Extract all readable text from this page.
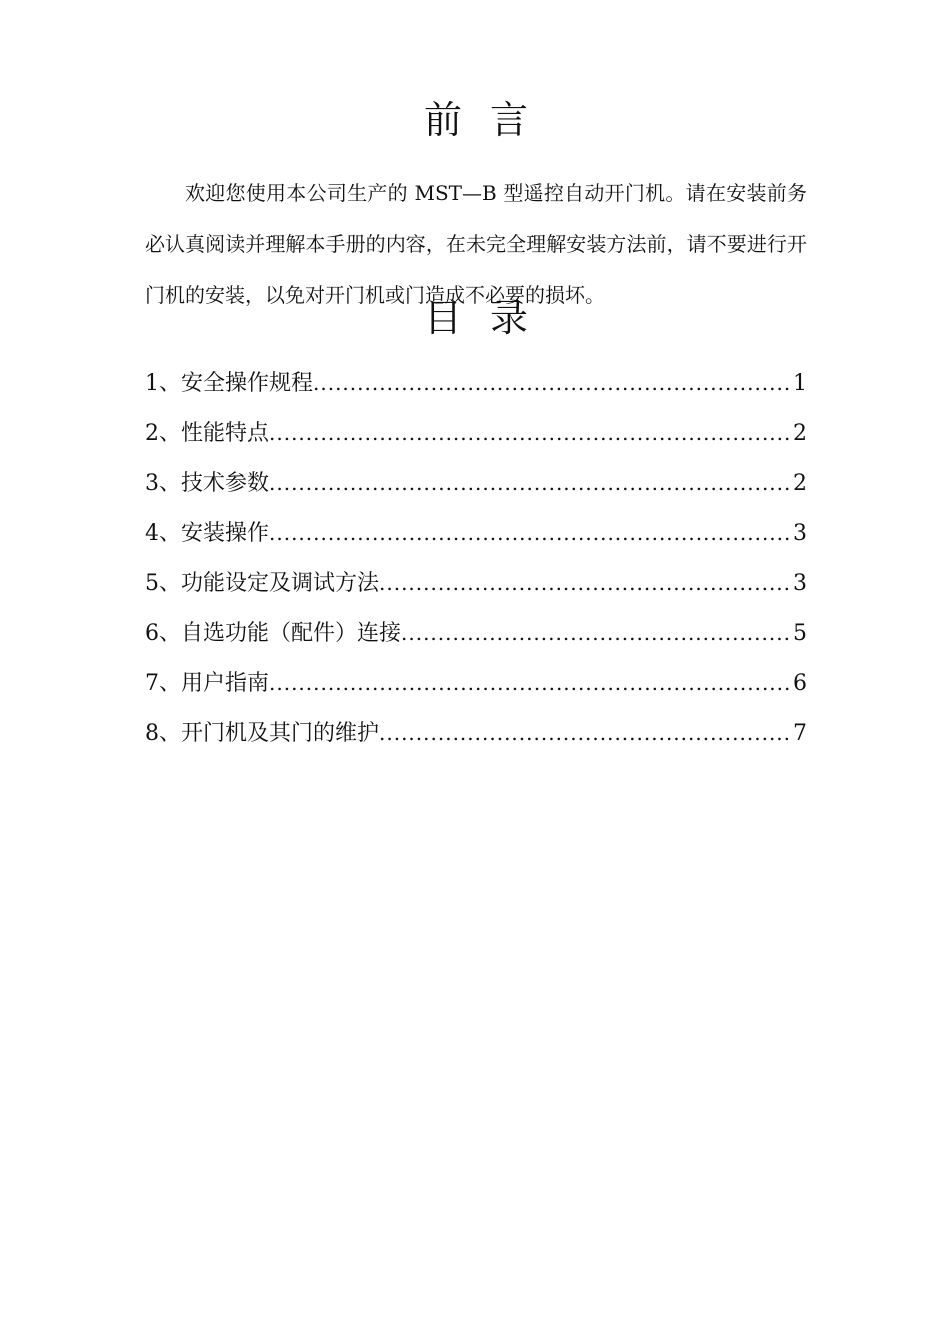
前言

欢迎您使用本公司生产的 MST—B 型遥控自动开门机。请在安装前务必认真阅读并理解本手册的内容，在未完全理解安装方法前，请不要进行开门机的安装，以免对开门机或门造成不必要的损坏。

目录
1、安全操作规程 .....	1
2、性能特点 .....	2
3、技术参数 .....	2
4、安装操作 .....	3
5、功能设定及调试方法 .....	3
6、自选功能（配件）连接 .....	5
7、用户指南 .....	6
8、开门机及其门的维护 .....	7
